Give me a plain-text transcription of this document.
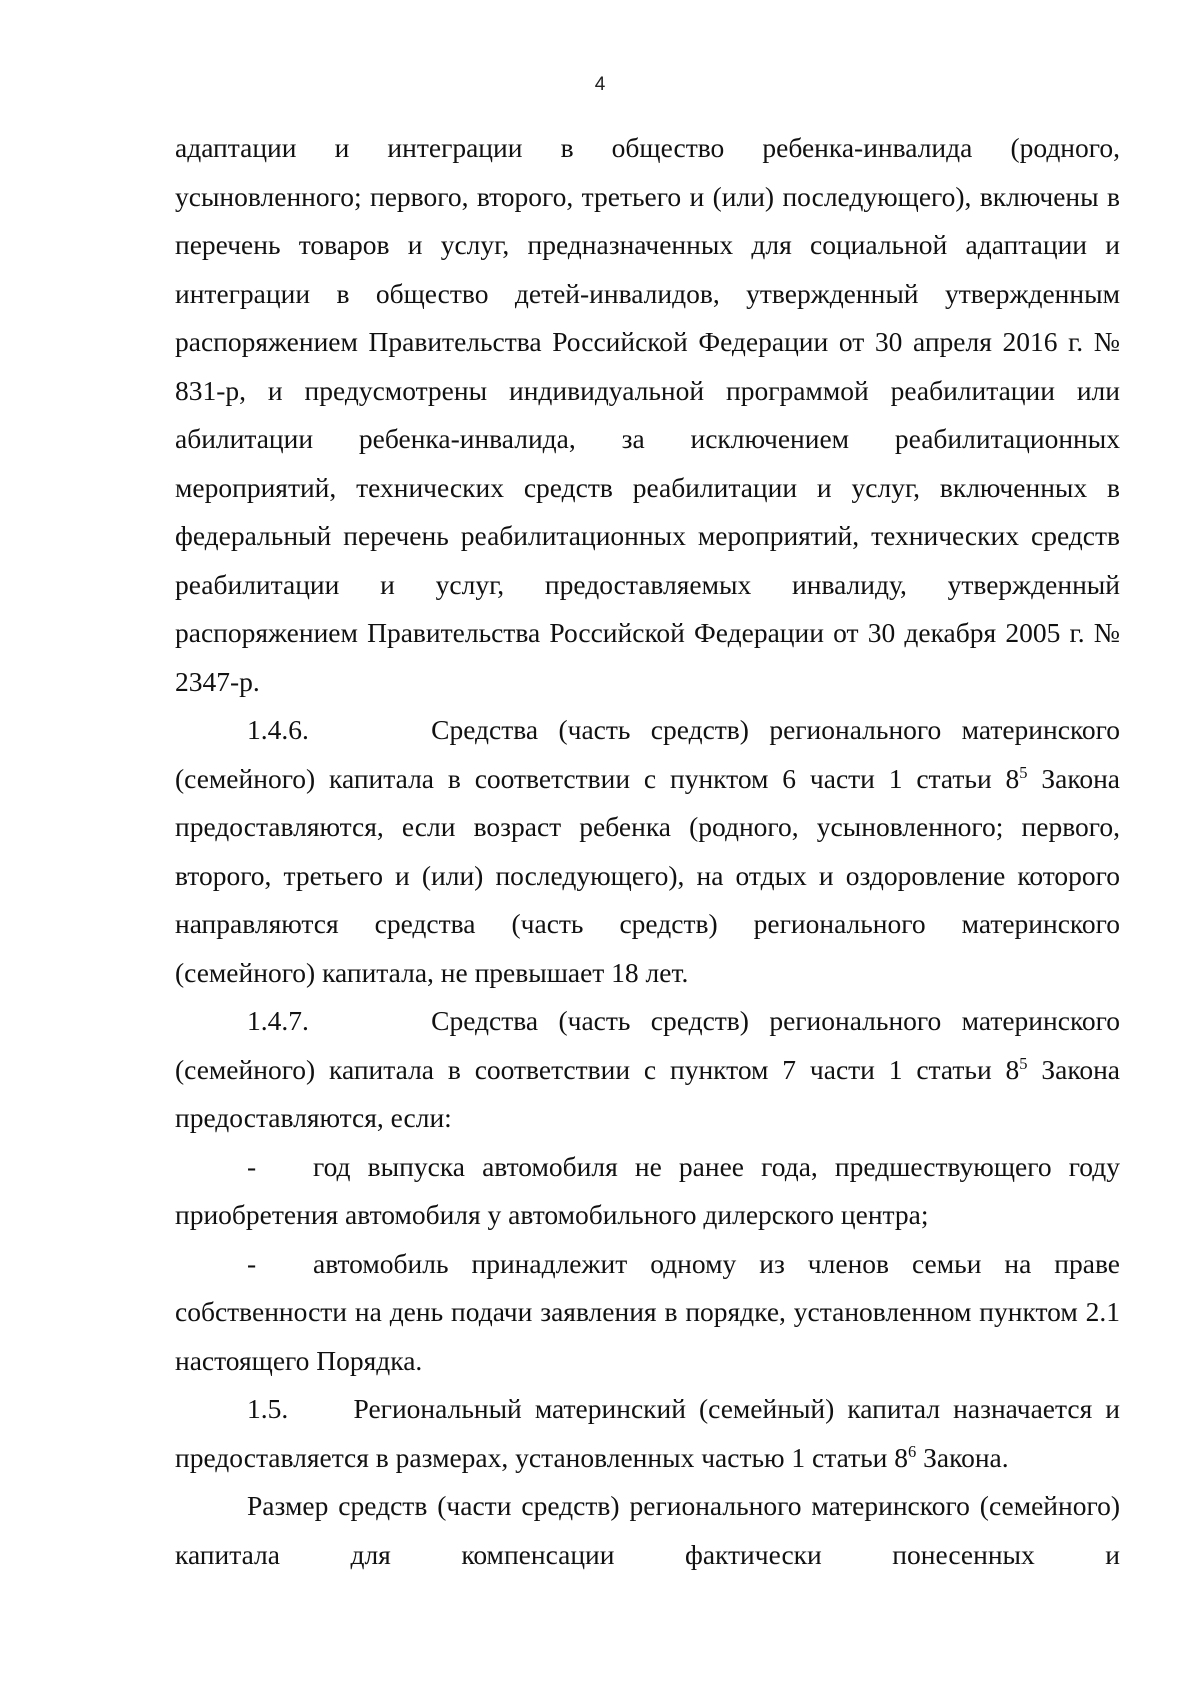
4

адаптации и интеграции в общество ребенка-инвалида (родного, усыновленного; первого, второго, третьего и (или) последующего), включены в перечень товаров и услуг, предназначенных для социальной адаптации и интеграции в общество детей-инвалидов, утвержденный утвержденным распоряжением Правительства Российской Федерации от 30 апреля 2016 г. № 831-р, и предусмотрены индивидуальной программой реабилитации или абилитации ребенка-инвалида, за исключением реабилитационных мероприятий, технических средств реабилитации и услуг, включенных в федеральный перечень реабилитационных мероприятий, технических средств реабилитации и услуг, предоставляемых инвалиду, утвержденный распоряжением Правительства Российской Федерации от 30 декабря 2005 г. № 2347-р.

1.4.6.	Средства (часть средств) регионального материнского (семейного) капитала в соответствии с пунктом 6 части 1 статьи $8^5$ Закона предоставляются, если возраст ребенка (родного, усыновленного; первого, второго, третьего и (или) последующего), на отдых и оздоровление которого направляются средства (часть средств) регионального материнского (семейного) капитала, не превышает 18 лет.

1.4.7.	Средства (часть средств) регионального материнского (семейного) капитала в соответствии с пунктом 7 части 1 статьи $8^5$ Закона предоставляются, если:

- год выпуска автомобиля не ранее года, предшествующего году приобретения автомобиля у автомобильного дилерского центра;

- автомобиль принадлежит одному из членов семьи на праве собственности на день подачи заявления в порядке, установленном пунктом 2.1 настоящего Порядка.

1.5. Региональный материнский (семейный) капитал назначается и предоставляется в размерах, установленных частью 1 статьи $8^6$ Закона.

Размер средств (части средств) регионального материнского (семейного) капитала для компенсации фактически понесенных и
